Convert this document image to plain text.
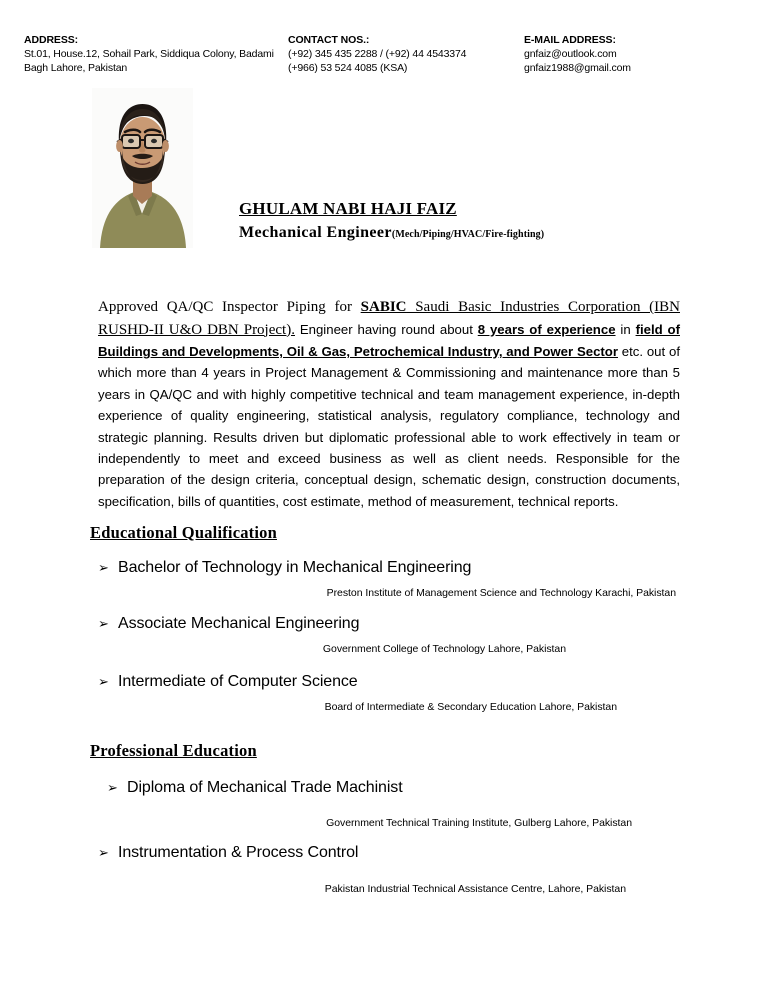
ADDRESS:
St.01, House.12, Sohail Park, Siddiqua Colony, Badami
Bagh Lahore, Pakistan
CONTACT NOS.:
(+92) 345 435 2288 / (+92) 44 4543374
(+966) 53 524 4085 (KSA)
E-MAIL ADDRESS:
gnfaiz@outlook.com
gnfaiz1988@gmail.com
GHULAM NABI HAJI FAIZ
Mechanical Engineer(Mech/Piping/HVAC/Fire-fighting)

Approved QA/QC Inspector Piping for SABIC Saudi Basic Industries Corporation (IBN RUSHD-II U&O DBN Project). Engineer having round about 8 years of experience in field of Buildings and Developments, Oil & Gas, Petrochemical Industry, and Power Sector etc. out of which more than 4 years in Project Management & Commissioning and maintenance more than 5 years in QA/QC and with highly competitive technical and team management experience, in-depth experience of quality engineering, statistical analysis, regulatory compliance, technology and strategic planning. Results driven but diplomatic professional able to work effectively in team or independently to meet and exceed business as well as client needs. Responsible for the preparation of the design criteria, conceptual design, schematic design, construction documents, specification, bills of quantities, cost estimate, method of measurement, technical reports.

Educational Qualification
➢ Bachelor of Technology in Mechanical Engineering
Preston Institute of Management Science and Technology Karachi, Pakistan
➢ Associate Mechanical Engineering
Government College of Technology Lahore, Pakistan
➢ Intermediate of Computer Science
Board of Intermediate & Secondary Education Lahore, Pakistan
Professional Education
➢ Diploma of Mechanical Trade Machinist
Government Technical Training Institute, Gulberg Lahore, Pakistan
➢ Instrumentation & Process Control
Pakistan Industrial Technical Assistance Centre, Lahore, Pakistan
